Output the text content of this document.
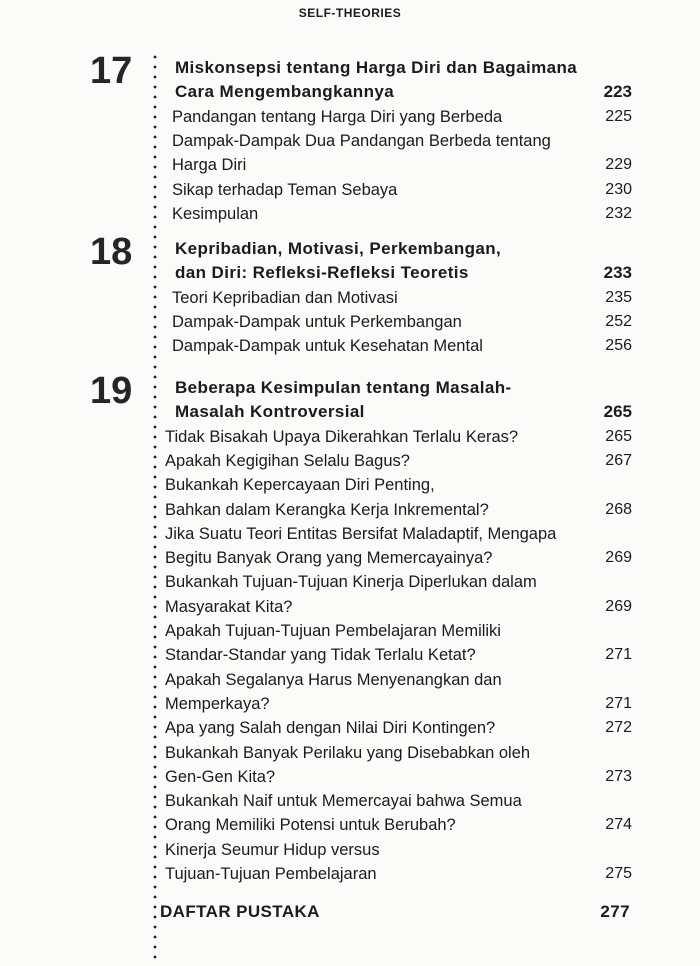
SELF-THEORIES
17	Miskonsepsi tentang Harga Diri dan Bagaimana
Cara Mengembangkannya	223
Pandangan tentang Harga Diri yang Berbeda	225
Dampak-Dampak Dua Pandangan Berbeda tentang
Harga Diri	229
Sikap terhadap Teman Sebaya	230
Kesimpulan	232
18	Kepribadian, Motivasi, Perkembangan,
dan Diri: Refleksi-Refleksi Teoretis	233
Teori Kepribadian dan Motivasi	235
Dampak-Dampak untuk Perkembangan	252
Dampak-Dampak untuk Kesehatan Mental	256
19	Beberapa Kesimpulan tentang Masalah-
Masalah Kontroversial	265
Tidak Bisakah Upaya Dikerahkan Terlalu Keras?	265
Apakah Kegigihan Selalu Bagus?	267
Bukankah Kepercayaan Diri Penting,
Bahkan dalam Kerangka Kerja Inkremental?	268
Jika Suatu Teori Entitas Bersifat Maladaptif, Mengapa
Begitu Banyak Orang yang Memercayainya?	269
Bukankah Tujuan-Tujuan Kinerja Diperlukan dalam
Masyarakat Kita?	269
Apakah Tujuan-Tujuan Pembelajaran Memiliki
Standar-Standar yang Tidak Terlalu Ketat?	271
Apakah Segalanya Harus Menyenangkan dan
Memperkaya?	271
Apa yang Salah dengan Nilai Diri Kontingen?	272
Bukankah Banyak Perilaku yang Disebabkan oleh
Gen-Gen Kita?	273
Bukankah Naif untuk Memercayai bahwa Semua
Orang Memiliki Potensi untuk Berubah?	274
Kinerja Seumur Hidup versus
Tujuan-Tujuan Pembelajaran	275
DAFTAR PUSTAKA	277
